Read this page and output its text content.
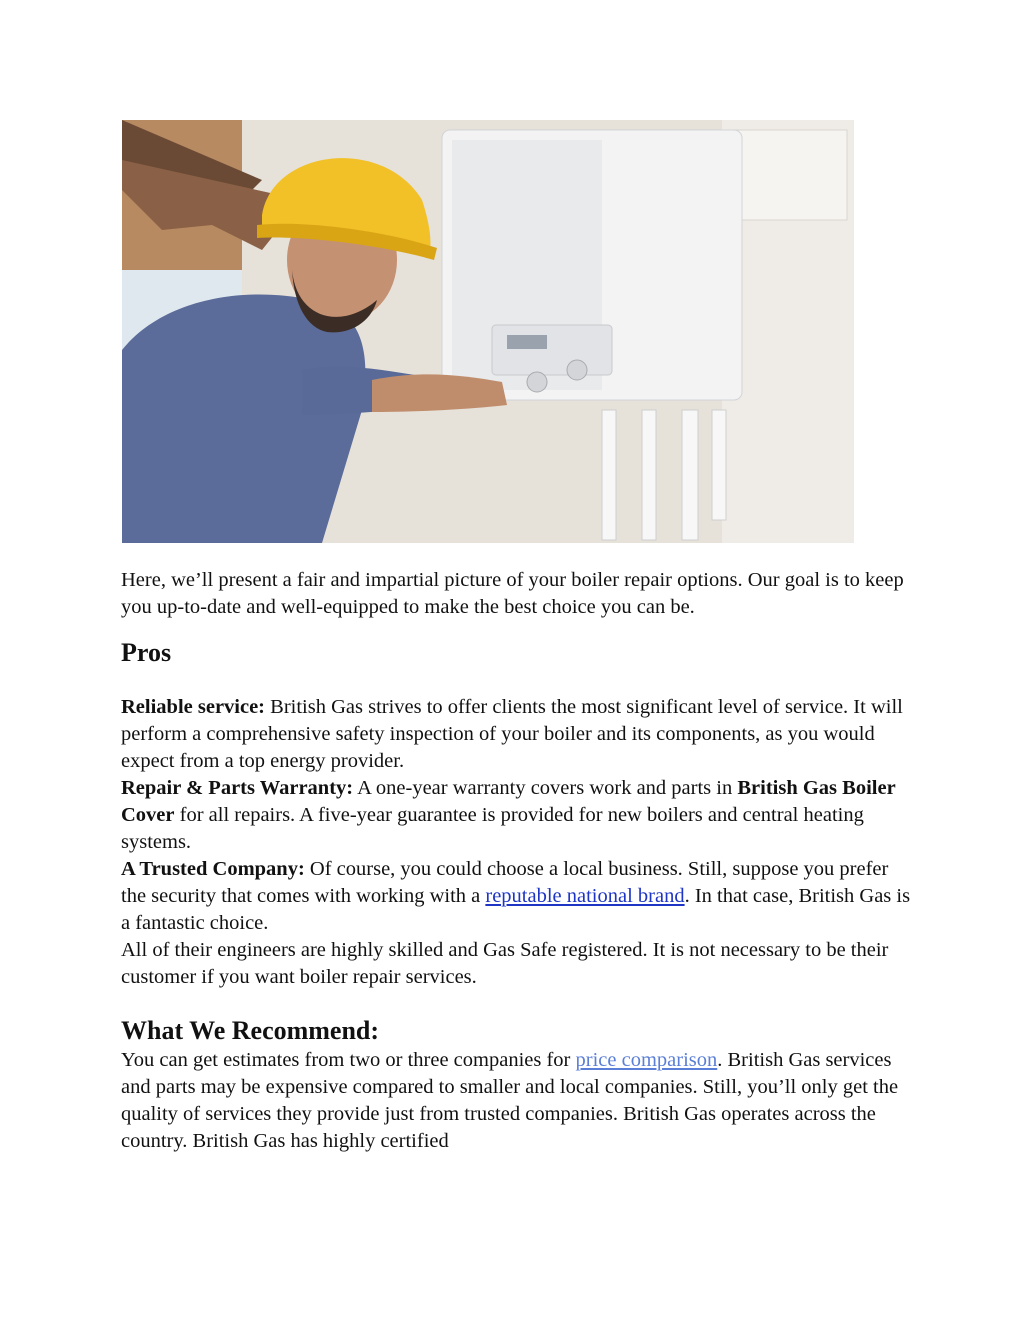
Here, we’ll present a fair and impartial picture of your boiler repair options. Our goal is to keep you up-to-date and well-equipped to make the best choice you can be.

Pros

Reliable service: British Gas strives to offer clients the most significant level of service. It will perform a comprehensive safety inspection of your boiler and its components, as you would expect from a top energy provider.

Repair & Parts Warranty: A one-year warranty covers work and parts in British Gas Boiler Cover for all repairs. A five-year guarantee is provided for new boilers and central heating systems.

A Trusted Company: Of course, you could choose a local business. Still, suppose you prefer the security that comes with working with a reputable national brand. In that case, British Gas is a fantastic choice.

All of their engineers are highly skilled and Gas Safe registered. It is not necessary to be their customer if you want boiler repair services.

What We Recommend:

You can get estimates from two or three companies for price comparison. British Gas services and parts may be expensive compared to smaller and local companies. Still, you’ll only get the quality of services they provide just from trusted companies. British Gas operates across the country. British Gas has highly certified
